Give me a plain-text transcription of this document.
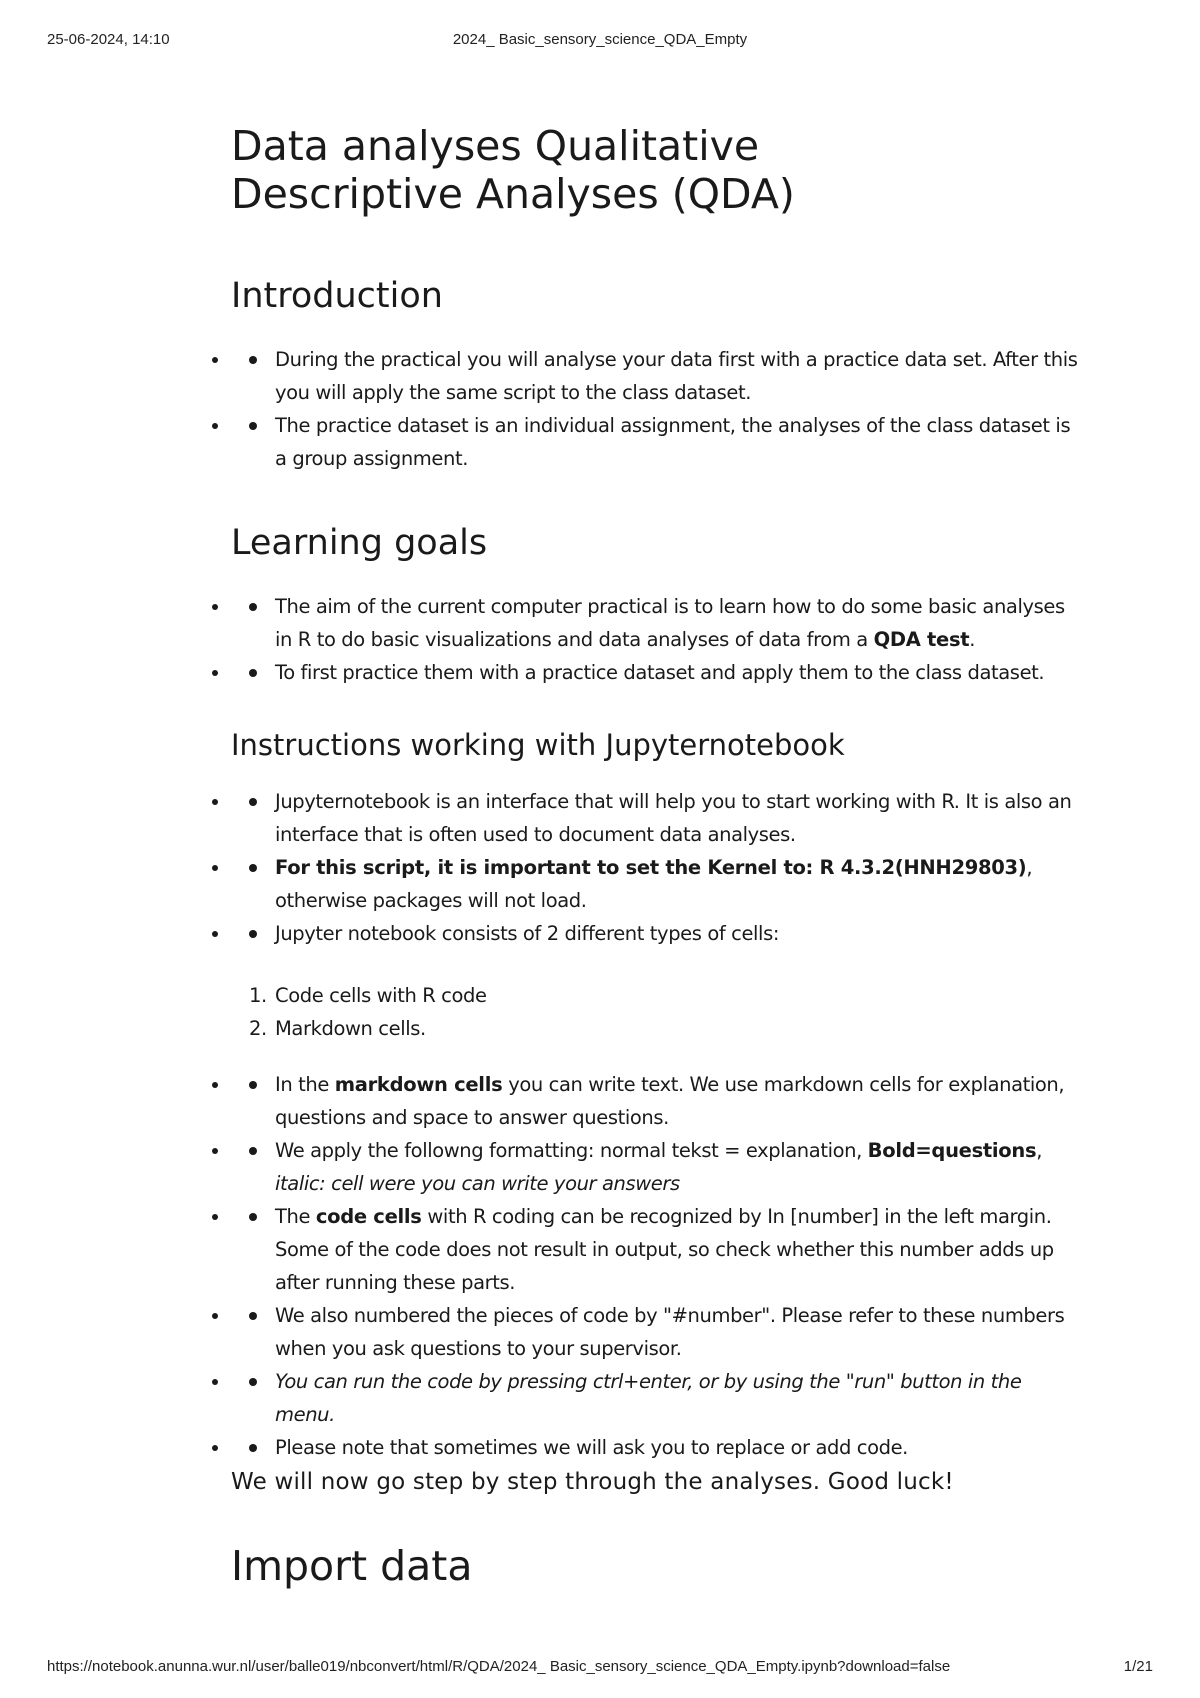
25-06-2024, 14:10	2024_ Basic_sensory_science_QDA_Empty
Data analyses Qualitative Descriptive Analyses (QDA)
Introduction
• During the practical you will analyse your data first with a practice data set. After this you will apply the same script to the class dataset.
• The practice dataset is an individual assignment, the analyses of the class dataset is a group assignment.
Learning goals
• The aim of the current computer practical is to learn how to do some basic analyses in R to do basic visualizations and data analyses of data from a QDA test.
• To first practice them with a practice dataset and apply them to the class dataset.
Instructions working with Jupyternotebook
• Jupyternotebook is an interface that will help you to start working with R. It is also an interface that is often used to document data analyses.
• For this script, it is important to set the Kernel to: R 4.3.2(HNH29803), otherwise packages will not load.
• Jupyter notebook consists of 2 different types of cells:
1. Code cells with R code
2. Markdown cells.
• In the markdown cells you can write text. We use markdown cells for explanation, questions and space to answer questions.
• We apply the followng formatting: normal tekst = explanation, Bold=questions, italic: cell were you can write your answers
• The code cells with R coding can be recognized by In [number] in the left margin. Some of the code does not result in output, so check whether this number adds up after running these parts.
• We also numbered the pieces of code by "#number". Please refer to these numbers when you ask questions to your supervisor.
• You can run the code by pressing ctrl+enter, or by using the "run" button in the menu.
• Please note that sometimes we will ask you to replace or add code.

We will now go step by step through the analyses. Good luck!

Import data
https://notebook.anunna.wur.nl/user/balle019/nbconvert/html/R/QDA/2024_ Basic_sensory_science_QDA_Empty.ipynb?download=false	1/21
